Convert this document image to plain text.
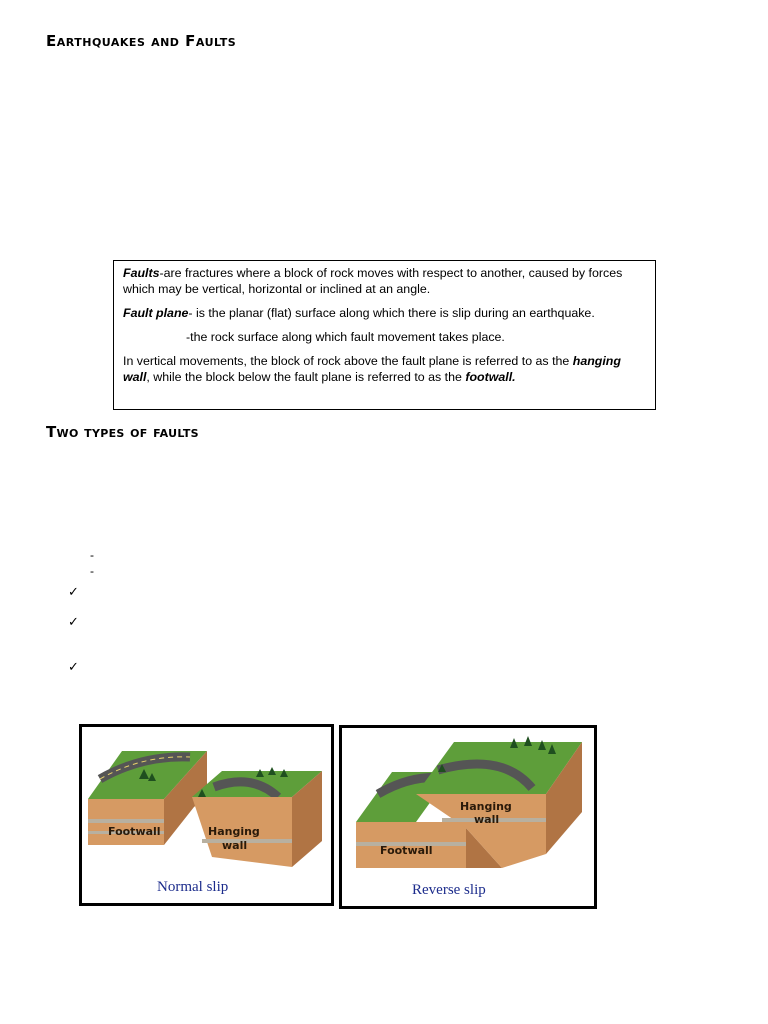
Earthquakes and Faults

Faults-are fractures where a block of rock moves with respect to another, caused by forces which may be vertical, horizontal or inclined at an angle.

Fault plane- is the planar (flat) surface along which there is slip during an earthquake.

-the rock surface along which fault movement takes place.

In vertical movements, the block of rock above the fault plane is referred to as the hanging wall, while the block below the fault plane is referred to as the footwall.

Two types of faults
-
-
✓
✓
✓
Footwall	Hanging
wall
Normal slip
Hanging
wall
Footwall
Reverse slip
